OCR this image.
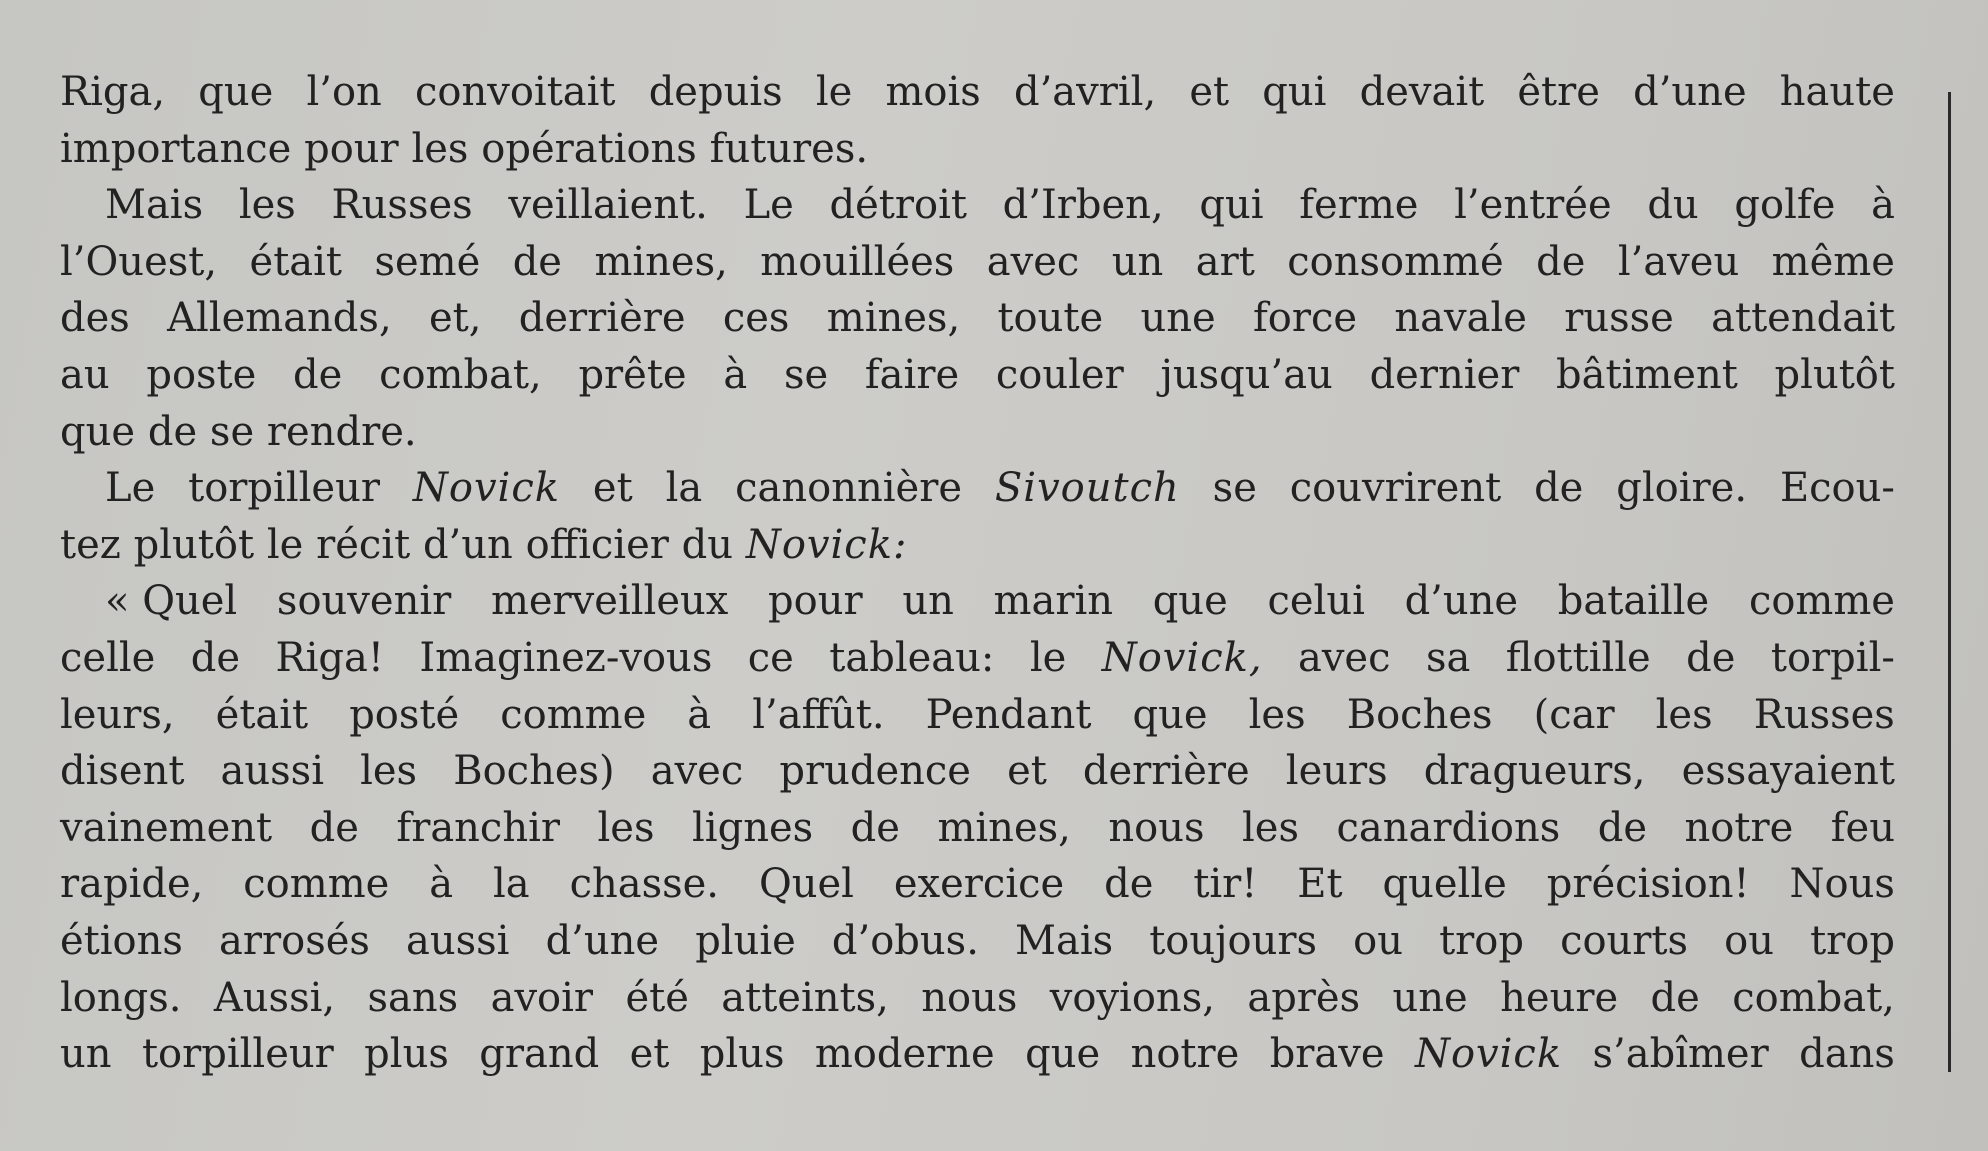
Riga, que l’on convoitait depuis le mois d’avril, et qui devait être d’une haute
importance pour les opérations futures.
Mais les Russes veillaient. Le détroit d’Irben, qui ferme l’entrée du golfe à
l’Ouest, était semé de mines, mouillées avec un art consommé de l’aveu même
des Allemands, et, derrière ces mines, toute une force navale russe attendait
au poste de combat, prête à se faire couler jusqu’au dernier bâtiment plutôt
que de se rendre.
Le torpilleur Novick et la canonnière Sivoutch se couvrirent de gloire. Ecou-
tez plutôt le récit d’un officier du Novick:
« Quel souvenir merveilleux pour un marin que celui d’une bataille comme
celle de Riga! Imaginez-vous ce tableau: le Novick, avec sa flottille de torpil-
leurs, était posté comme à l’affût. Pendant que les Boches (car les Russes
disent aussi les Boches) avec prudence et derrière leurs dragueurs, essayaient
vainement de franchir les lignes de mines, nous les canardions de notre feu
rapide, comme à la chasse. Quel exercice de tir! Et quelle précision! Nous
étions arrosés aussi d’une pluie d’obus. Mais toujours ou trop courts ou trop
longs. Aussi, sans avoir été atteints, nous voyions, après une heure de combat,
un torpilleur plus grand et plus moderne que notre brave Novick s’abîmer dans
